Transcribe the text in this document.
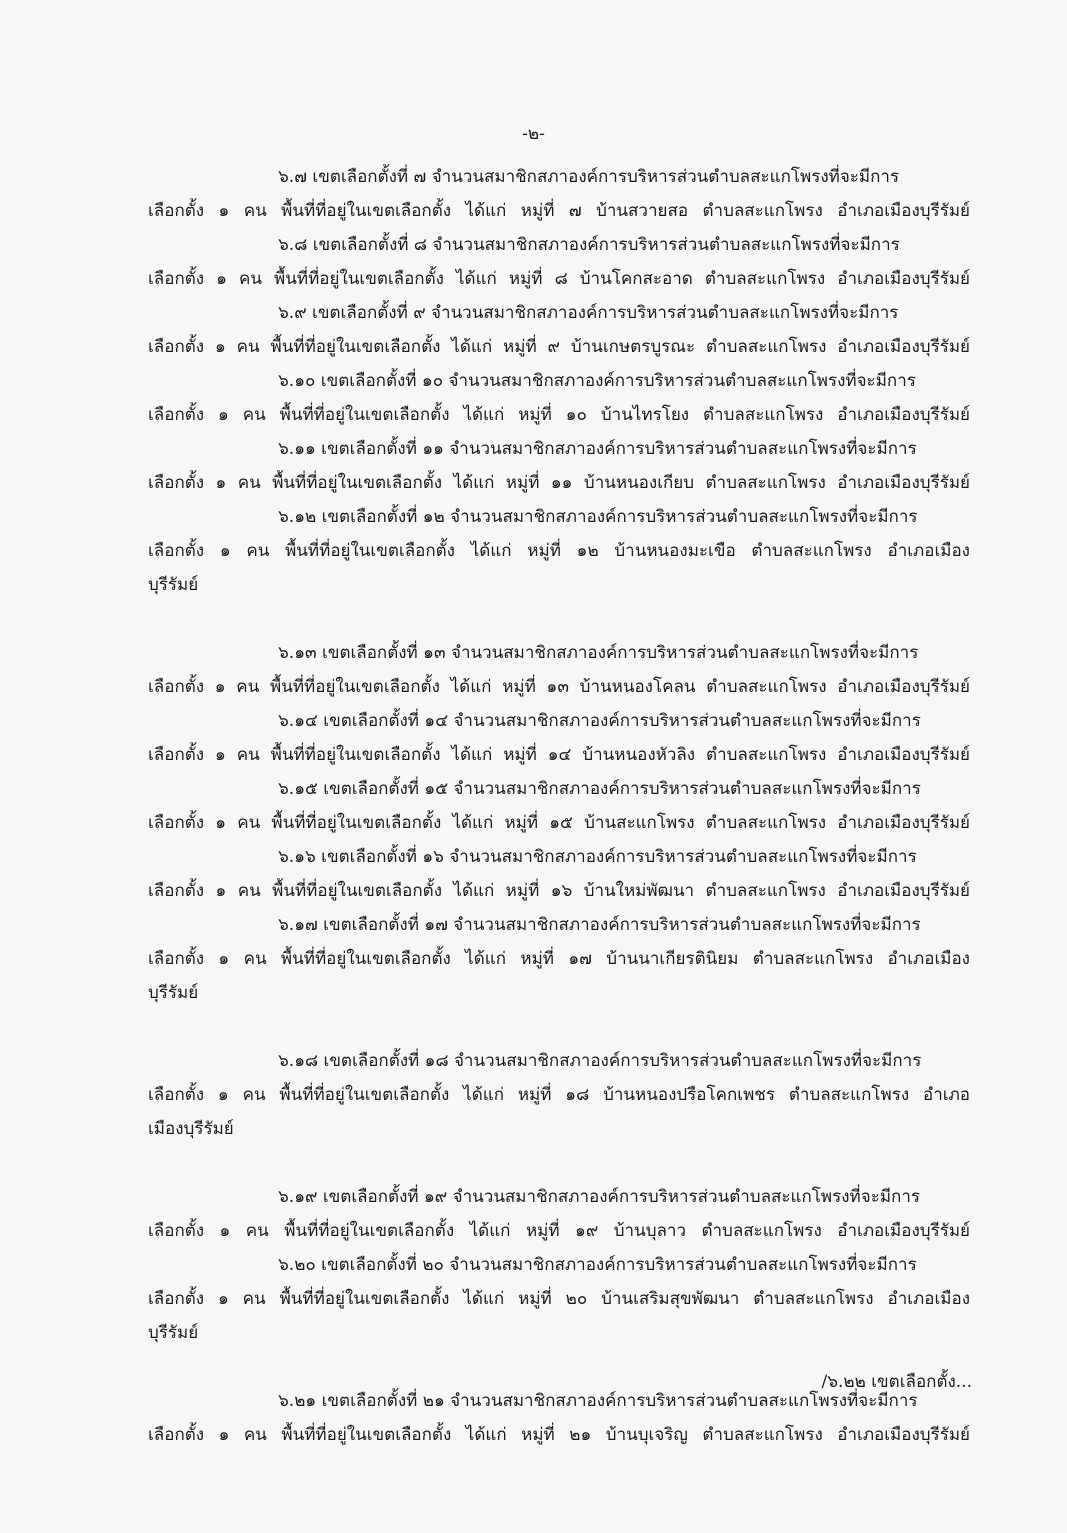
-๒-
๖.๗ เขตเลือกตั้งที่ ๗ จำนวนสมาชิกสภาองค์การบริหารส่วนตำบลสะแกโพรงที่จะมีการ
เลือกตั้ง ๑ คน พื้นที่ที่อยู่ในเขตเลือกตั้ง ได้แก่ หมู่ที่ ๗ บ้านสวายสอ ตำบลสะแกโพรง อำเภอเมืองบุรีรัมย์
๖.๘ เขตเลือกตั้งที่ ๘ จำนวนสมาชิกสภาองค์การบริหารส่วนตำบลสะแกโพรงที่จะมีการ
เลือกตั้ง ๑ คน พื้นที่ที่อยู่ในเขตเลือกตั้ง ได้แก่ หมู่ที่ ๘ บ้านโคกสะอาด ตำบลสะแกโพรง อำเภอเมืองบุรีรัมย์
๖.๙ เขตเลือกตั้งที่ ๙ จำนวนสมาชิกสภาองค์การบริหารส่วนตำบลสะแกโพรงที่จะมีการ
เลือกตั้ง ๑ คน พื้นที่ที่อยู่ในเขตเลือกตั้ง ได้แก่ หมู่ที่ ๙ บ้านเกษตรบูรณะ ตำบลสะแกโพรง อำเภอเมืองบุรีรัมย์
๖.๑๐ เขตเลือกตั้งที่ ๑๐ จำนวนสมาชิกสภาองค์การบริหารส่วนตำบลสะแกโพรงที่จะมีการ
เลือกตั้ง ๑ คน พื้นที่ที่อยู่ในเขตเลือกตั้ง ได้แก่ หมู่ที่ ๑๐ บ้านไทรโยง ตำบลสะแกโพรง อำเภอเมืองบุรีรัมย์
๖.๑๑ เขตเลือกตั้งที่ ๑๑ จำนวนสมาชิกสภาองค์การบริหารส่วนตำบลสะแกโพรงที่จะมีการ
เลือกตั้ง ๑ คน พื้นที่ที่อยู่ในเขตเลือกตั้ง ได้แก่ หมู่ที่ ๑๑ บ้านหนองเกียบ ตำบลสะแกโพรง อำเภอเมืองบุรีรัมย์
๖.๑๒ เขตเลือกตั้งที่ ๑๒ จำนวนสมาชิกสภาองค์การบริหารส่วนตำบลสะแกโพรงที่จะมีการ
เลือกตั้ง ๑ คน พื้นที่ที่อยู่ในเขตเลือกตั้ง ได้แก่ หมู่ที่ ๑๒ บ้านหนองมะเขือ ตำบลสะแกโพรง อำเภอเมือง
บุรีรัมย์
๖.๑๓ เขตเลือกตั้งที่ ๑๓ จำนวนสมาชิกสภาองค์การบริหารส่วนตำบลสะแกโพรงที่จะมีการ
เลือกตั้ง ๑ คน พื้นที่ที่อยู่ในเขตเลือกตั้ง ได้แก่ หมู่ที่ ๑๓ บ้านหนองโคลน ตำบลสะแกโพรง อำเภอเมืองบุรีรัมย์
๖.๑๔ เขตเลือกตั้งที่ ๑๔ จำนวนสมาชิกสภาองค์การบริหารส่วนตำบลสะแกโพรงที่จะมีการ
เลือกตั้ง ๑ คน พื้นที่ที่อยู่ในเขตเลือกตั้ง ได้แก่ หมู่ที่ ๑๔ บ้านหนองหัวลิง ตำบลสะแกโพรง อำเภอเมืองบุรีรัมย์
๖.๑๕ เขตเลือกตั้งที่ ๑๕ จำนวนสมาชิกสภาองค์การบริหารส่วนตำบลสะแกโพรงที่จะมีการ
เลือกตั้ง ๑ คน พื้นที่ที่อยู่ในเขตเลือกตั้ง ได้แก่ หมู่ที่ ๑๕ บ้านสะแกโพรง ตำบลสะแกโพรง อำเภอเมืองบุรีรัมย์
๖.๑๖ เขตเลือกตั้งที่ ๑๖ จำนวนสมาชิกสภาองค์การบริหารส่วนตำบลสะแกโพรงที่จะมีการ
เลือกตั้ง ๑ คน พื้นที่ที่อยู่ในเขตเลือกตั้ง ได้แก่ หมู่ที่ ๑๖ บ้านใหม่พัฒนา ตำบลสะแกโพรง อำเภอเมืองบุรีรัมย์
๖.๑๗ เขตเลือกตั้งที่ ๑๗ จำนวนสมาชิกสภาองค์การบริหารส่วนตำบลสะแกโพรงที่จะมีการ
เลือกตั้ง ๑ คน พื้นที่ที่อยู่ในเขตเลือกตั้ง ได้แก่ หมู่ที่ ๑๗ บ้านนาเกียรตินิยม ตำบลสะแกโพรง อำเภอเมือง
บุรีรัมย์
๖.๑๘ เขตเลือกตั้งที่ ๑๘ จำนวนสมาชิกสภาองค์การบริหารส่วนตำบลสะแกโพรงที่จะมีการ
เลือกตั้ง ๑ คน พื้นที่ที่อยู่ในเขตเลือกตั้ง ได้แก่ หมู่ที่ ๑๘ บ้านหนองปรือโคกเพชร ตำบลสะแกโพรง อำเภอ
เมืองบุรีรัมย์
๖.๑๙ เขตเลือกตั้งที่ ๑๙ จำนวนสมาชิกสภาองค์การบริหารส่วนตำบลสะแกโพรงที่จะมีการ
เลือกตั้ง ๑ คน พื้นที่ที่อยู่ในเขตเลือกตั้ง ได้แก่ หมู่ที่ ๑๙ บ้านบุลาว ตำบลสะแกโพรง อำเภอเมืองบุรีรัมย์
๖.๒๐ เขตเลือกตั้งที่ ๒๐ จำนวนสมาชิกสภาองค์การบริหารส่วนตำบลสะแกโพรงที่จะมีการ
เลือกตั้ง ๑ คน พื้นที่ที่อยู่ในเขตเลือกตั้ง ได้แก่ หมู่ที่ ๒๐ บ้านเสริมสุขพัฒนา ตำบลสะแกโพรง อำเภอเมือง
บุรีรัมย์
๖.๒๑ เขตเลือกตั้งที่ ๒๑ จำนวนสมาชิกสภาองค์การบริหารส่วนตำบลสะแกโพรงที่จะมีการ
เลือกตั้ง ๑ คน พื้นที่ที่อยู่ในเขตเลือกตั้ง ได้แก่ หมู่ที่ ๒๑ บ้านบุเจริญ ตำบลสะแกโพรง อำเภอเมืองบุรีรัมย์
/๖.๒๒ เขตเลือกตั้ง...
